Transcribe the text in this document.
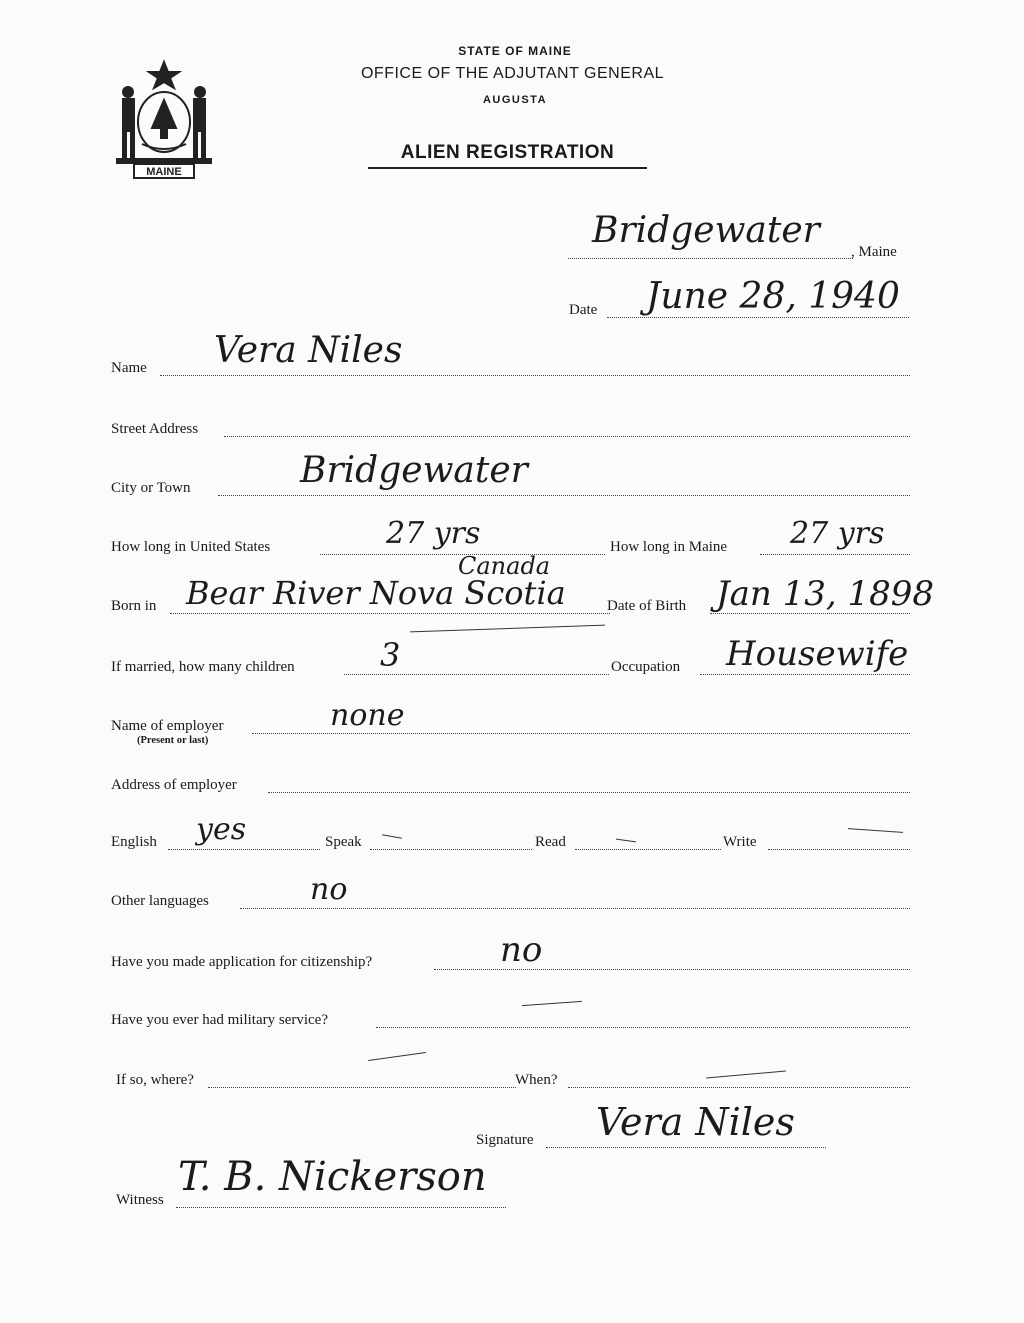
MAINE
STATE OF MAINE
OFFICE OF THE ADJUTANT GENERAL
AUGUSTA
ALIEN REGISTRATION
Bridgewater
, Maine
Date June 28, 1940
Name Vera Niles
Street Address
City or Town	Bridgewater
How long in United States	27 yrs	How long in Maine 27 yrs
Canada
Born in Bear River Nova Scotia	Date of Birth Jan 13, 1898
If married, how many children	3	Occupation Housewife
Name of employer
(Present or last)
none
Address of employer
English yes	Speak	Read	Write
Other languages	no
Have you made application for citizenship?	no
Have you ever had military service?
If so, where?	When?
Signature Vera Niles
Witness T. B. Nickerson
